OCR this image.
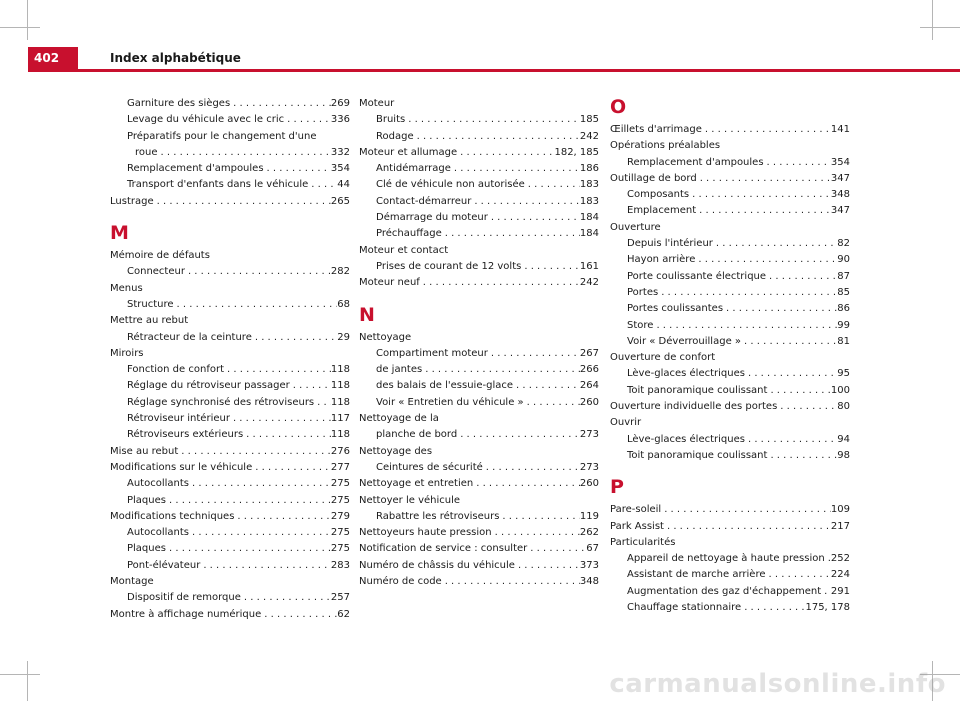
402	Index alphabétique
Garniture des sièges . . .	269
Levage du véhicule avec le cric . . .	336
Préparatifs pour le changement d'une
roue . . .	332
Remplacement d'ampoules . . .	354
Transport d'enfants dans le véhicule . . .	44
Lustrage . . .	265
M
Mémoire de défauts
Connecteur . . .	282
Menus
Structure . . .	68
Mettre au rebut
Rétracteur de la ceinture . . .	29
Miroirs
Fonction de confort . . .	118
Réglage du rétroviseur passager . . .	118
Réglage synchronisé des rétroviseurs . . . 118
Rétroviseur intérieur . . .	117
Rétroviseurs extérieurs . . .	118
Mise au rebut . . .	276
Modifications sur le véhicule . . .	277
Autocollants . . .	275
Plaques . . .	275
Modifications techniques . . .	279
Autocollants . . .	275
Plaques . . .	275
Pont-élévateur . . .	283
Montage
Dispositif de remorque . . .	257
Montre à affichage numérique . . .	62
Moteur
Bruits . . .	185
Rodage . . .	242
Moteur et allumage . . .	182, 185
Antidémarrage . . .	186
Clé de véhicule non autorisée . . .	183
Contact-démarreur . . .	183
Démarrage du moteur . . .	184
Préchauffage . . .	184
Moteur et contact
Prises de courant de 12 volts . . .	161
Moteur neuf . . .	242
N
Nettoyage
Compartiment moteur . . .	267
de jantes . . .	266
des balais de l'essuie-glace . . .	264
Voir « Entretien du véhicule » . . .	260
Nettoyage de la
planche de bord . . .	273
Nettoyage des
Ceintures de sécurité . . .	273
Nettoyage et entretien . . .	260
Nettoyer le véhicule
Rabattre les rétroviseurs . . .	119
Nettoyeurs haute pression . . .	262
Notification de service : consulter . . .	67
Numéro de châssis du véhicule . . .	373
Numéro de code . . .	348
O
Œillets d'arrimage . . .	141
Opérations préalables
Remplacement d'ampoules . . .	354
Outillage de bord . . .	347
Composants . . .	348
Emplacement . . .	347
Ouverture
Depuis l'intérieur . . .	82
Hayon arrière . . .	90
Porte coulissante électrique . . .	87
Portes . . .	85
Portes coulissantes . . .	86
Store . . .	99
Voir « Déverrouillage » . . .	81
Ouverture de confort
Lève-glaces électriques . . .	95
Toit panoramique coulissant . . .	100
Ouverture individuelle des portes . . .	80
Ouvrir
Lève-glaces électriques . . .	94
Toit panoramique coulissant . . .	98
P
Pare-soleil . . .	109
Park Assist . . .	217
Particularités
Appareil de nettoyage à haute pression . . . 252
Assistant de marche arrière . . .	224
Augmentation des gaz d'échappement . . . 291
Chauffage stationnaire . . .	175, 178
carmanualsonline.info
